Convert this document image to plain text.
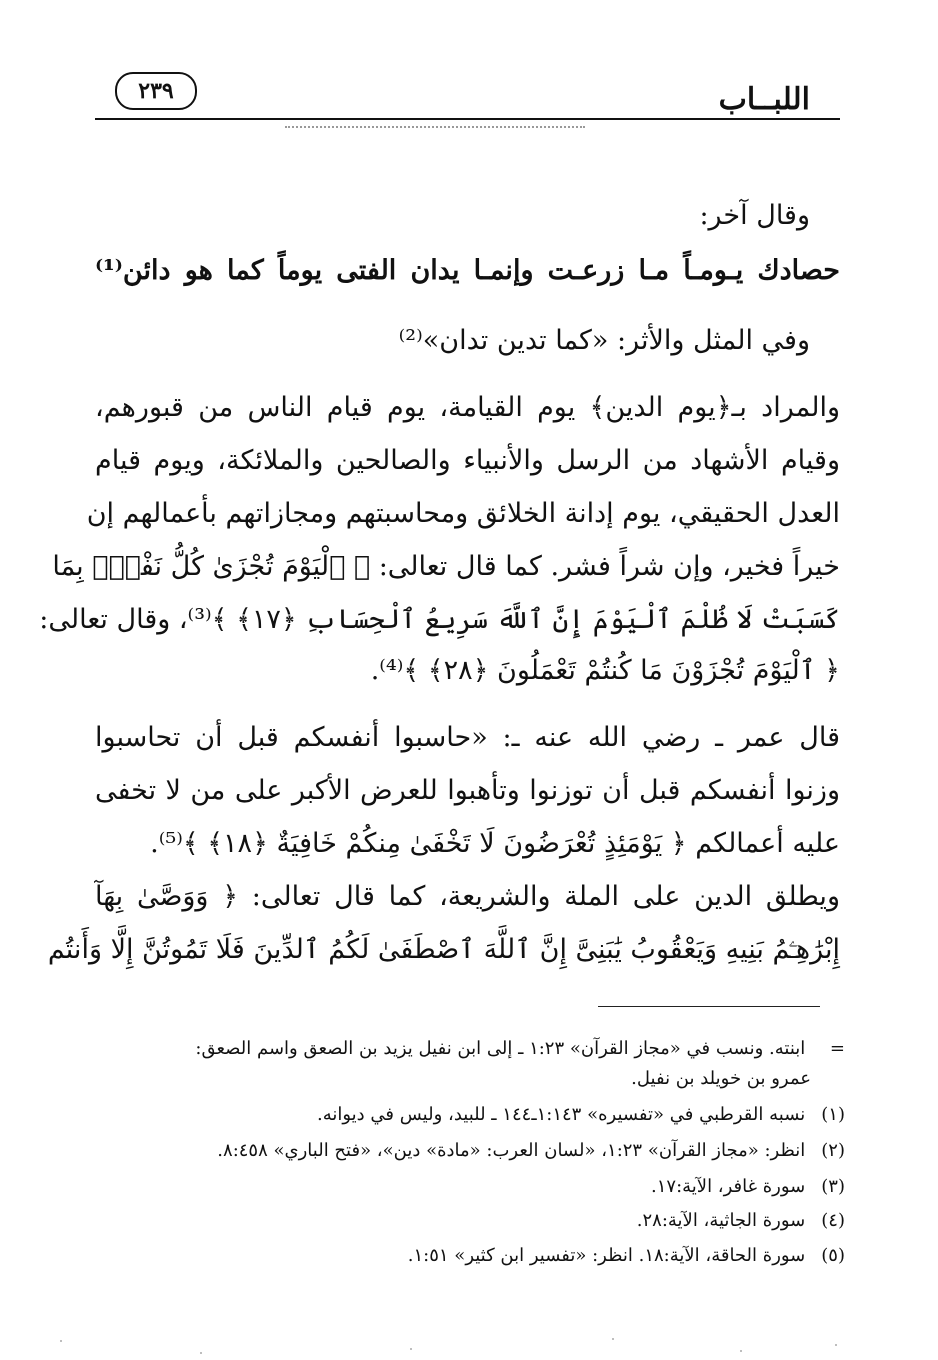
اللبــاب
٢٣٩
وقال آخر:
حصادك يـومـاً مـا زرعـت وإنمـا يدان الفتى يوماً كما هو دائن⁽¹⁾
وفي المثل والأثر: «كما تدين تدان»⁽²⁾
والمراد بـ﴿يوم الدين﴾ يوم القيامة، يوم قيام الناس من قبورهم،
وقيام الأشهاد من الرسل والأنبياء والصالحين والملائكة، ويوم قيام
العدل الحقيقي، يوم إدانة الخلائق ومحاسبتهم ومجازاتهم بأعمالهم إن
خيراً فخير، وإن شراً فشر. كما قال تعالى: ﴿ ٱلْيَوْمَ تُجْزَىٰ كُلُّ نَفْسٍۭ بِمَا
كَسَبَتْ لَا ظُلْمَ ٱلْيَوْمَ إِنَّ ٱللَّهَ سَرِيعُ ٱلْحِسَابِ ﴿١٧﴾ ﴾⁽³⁾، وقال تعالى:
﴿ ٱلْيَوْمَ تُجْزَوْنَ مَا كُنتُمْ تَعْمَلُونَ ﴿٢٨﴾ ﴾⁽⁴⁾.
قال عمر ـ رضي الله عنه ـ: «حاسبوا أنفسكم قبل أن تحاسبوا
وزنوا أنفسكم قبل أن توزنوا وتأهبوا للعرض الأكبر على من لا تخفى
عليه أعمالكم ﴿ يَوْمَئِذٍ تُعْرَضُونَ لَا تَخْفَىٰ مِنكُمْ خَافِيَةٌ ﴿١٨﴾ ﴾⁽⁵⁾.
ويطلق الدين على الملة والشريعة، كما قال تعالى: ﴿ وَوَصَّىٰ بِهَآ
إِبْرَٰهِـۧمُ بَنِيهِ وَيَعْقُوبُ يَٰبَنِىَّ إِنَّ ٱللَّهَ ٱصْطَفَىٰ لَكُمُ ٱلدِّينَ فَلَا تَمُوتُنَّ إِلَّا وَأَنتُم
= ابنته. ونسب في «مجاز القرآن» ١:٢٣ ـ إلى ابن نفيل يزيد بن الصعق واسم الصعق:
عمرو بن خويلد بن نفيل.
(١) نسبه القرطبي في «تفسيره» ١:١٤٣ـ١٤٤ ـ للبيد، وليس في ديوانه.
(٢) انظر: «مجاز القرآن» ١:٢٣، «لسان العرب: «مادة» دين»، «فتح الباري» ٨:٤٥٨.
(٣) سورة غافر، الآية:١٧.
(٤) سورة الجاثية، الآية:٢٨.
(٥) سورة الحاقة، الآية:١٨. انظر: «تفسير ابن كثير» ١:٥١.
